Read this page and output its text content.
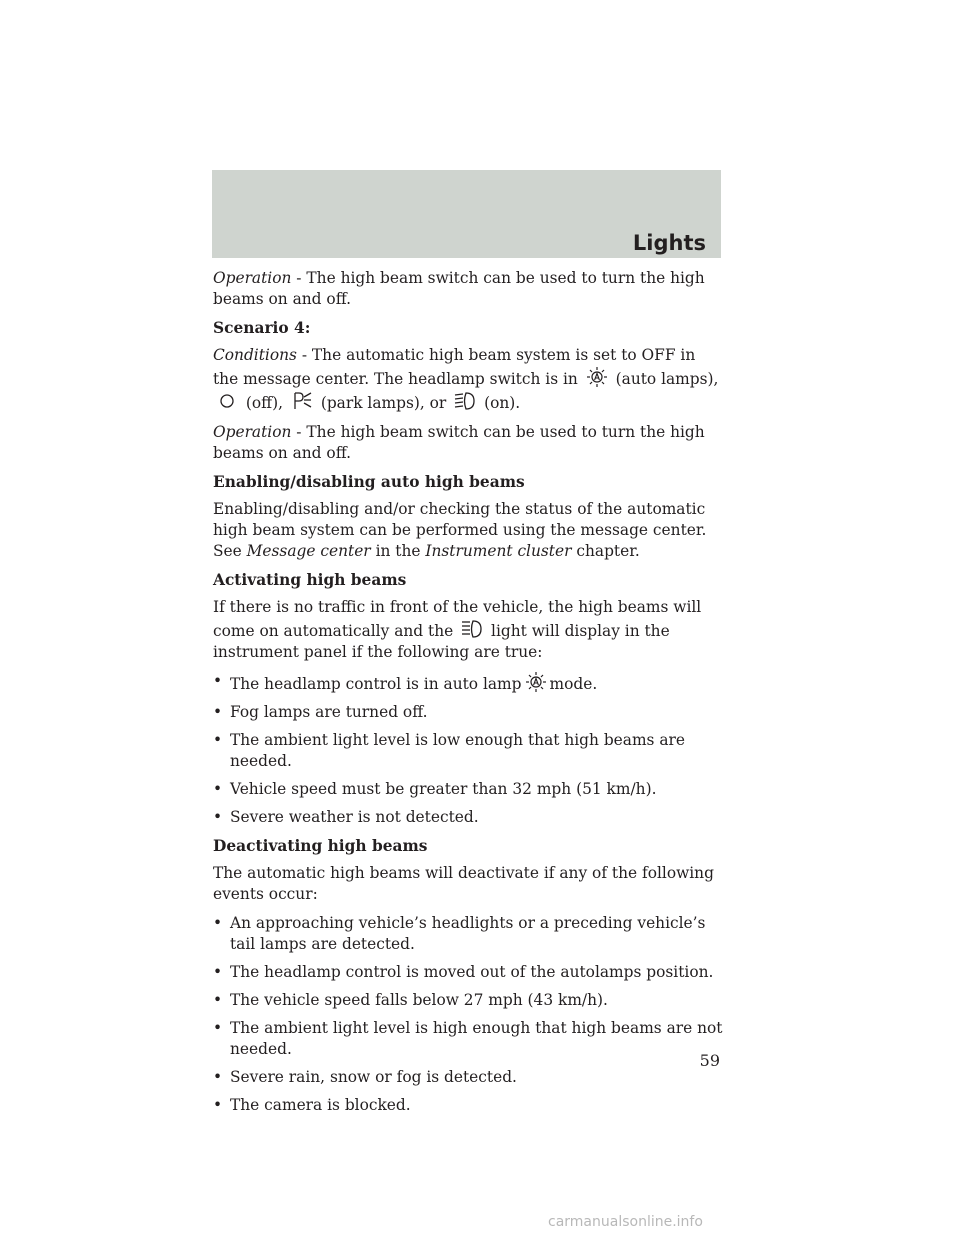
Lights

Operation - The high beam switch can be used to turn the high beams on and off.

Scenario 4:

Conditions - The automatic high beam system is set to OFF in the message center. The headlamp switch is in (auto lamps),  (off), (park lamps), or (on).

Operation - The high beam switch can be used to turn the high beams on and off.

Enabling/disabling auto high beams

Enabling/disabling and/or checking the status of the automatic high beam system can be performed using the message center. See Message center in the Instrument cluster chapter.

Activating high beams

If there is no traffic in front of the vehicle, the high beams will come on automatically and the light will display in the instrument panel if the following are true:

• The headlamp control is in auto lamp mode.
• Fog lamps are turned off.
• The ambient light level is low enough that high beams are needed.
• Vehicle speed must be greater than 32 mph (51 km/h).
• Severe weather is not detected.

Deactivating high beams

The automatic high beams will deactivate if any of the following events occur:

• An approaching vehicle’s headlights or a preceding vehicle’s tail lamps are detected.
• The headlamp control is moved out of the autolamps position.
• The vehicle speed falls below 27 mph (43 km/h).
• The ambient light level is high enough that high beams are not needed.
• Severe rain, snow or fog is detected.
• The camera is blocked.
59
carmanualsonline.info
